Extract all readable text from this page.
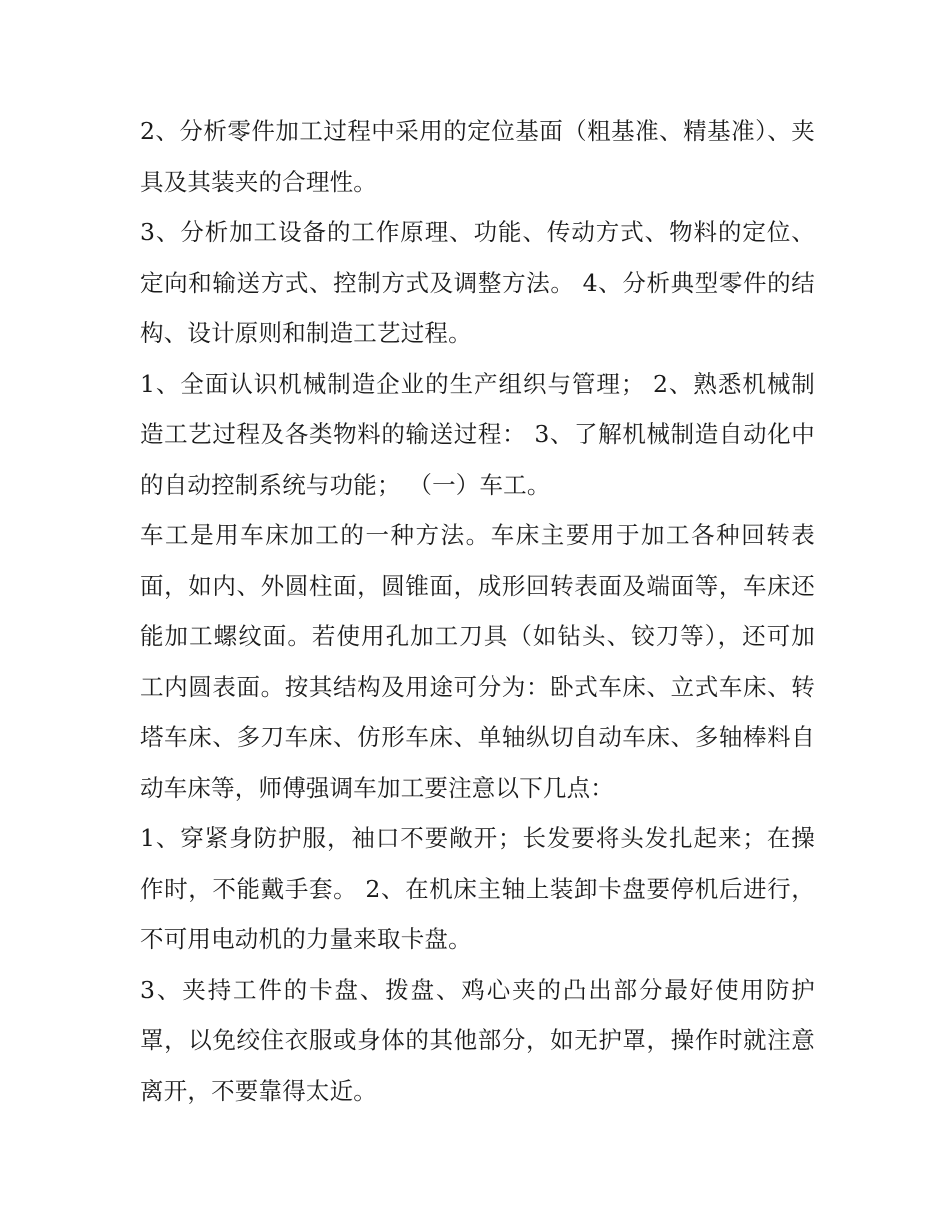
2、分析零件加工过程中采用的定位基面（粗基准、精基准）、夹具及其装夹的合理性。

3、分析加工设备的工作原理、功能、传动方式、物料的定位、定向和输送方式、控制方式及调整方法。 4、分析典型零件的结构、设计原则和制造工艺过程。

1、全面认识机械制造企业的生产组织与管理； 2、熟悉机械制造工艺过程及各类物料的输送过程： 3、了解机械制造自动化中的自动控制系统与功能； （一）车工。

车工是用车床加工的一种方法。车床主要用于加工各种回转表面，如内、外圆柱面，圆锥面，成形回转表面及端面等，车床还能加工螺纹面。若使用孔加工刀具（如钻头、铰刀等），还可加工内圆表面。按其结构及用途可分为：卧式车床、立式车床、转塔车床、多刀车床、仿形车床、单轴纵切自动车床、多轴棒料自动车床等，师傅强调车加工要注意以下几点：

1、穿紧身防护服，袖口不要敞开；长发要将头发扎起来；在操作时，不能戴手套。 2、在机床主轴上装卸卡盘要停机后进行，不可用电动机的力量来取卡盘。

3、夹持工件的卡盘、拨盘、鸡心夹的凸出部分最好使用防护罩，以免绞住衣服或身体的其他部分，如无护罩，操作时就注意离开，不要靠得太近。
